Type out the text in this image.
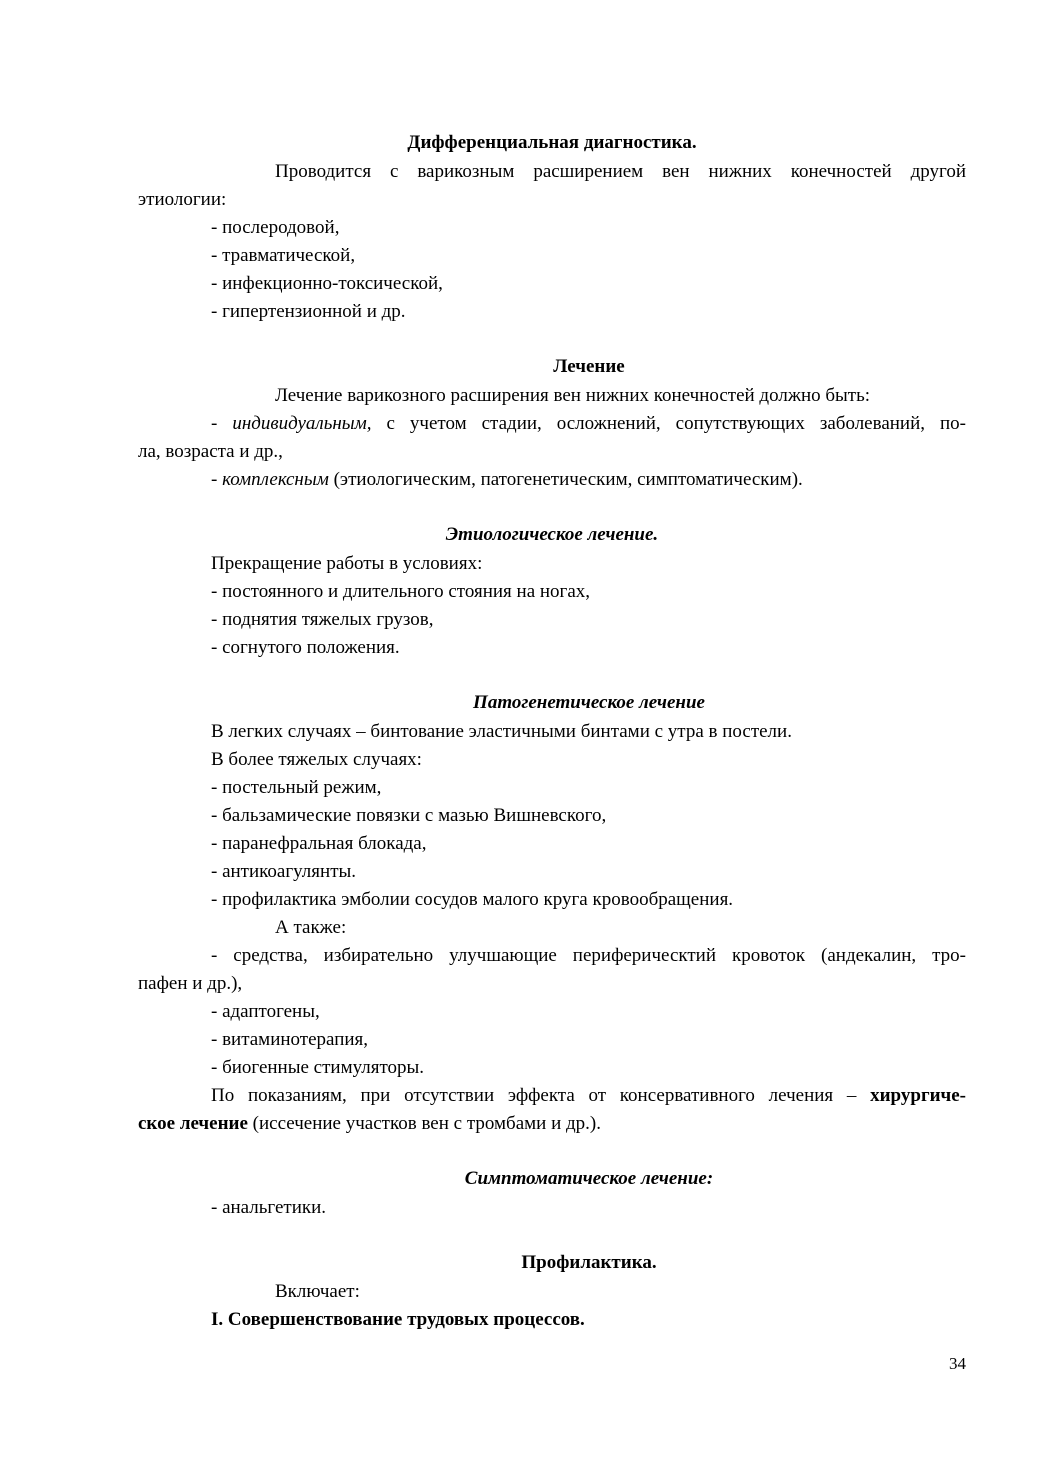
Дифференциальная диагностика.
Проводится с варикозным расширением вен нижних конечностей другой
этиологии:
- послеродовой,
- травматической,
- инфекционно-токсической,
- гипертензионной и др.
Лечение
Лечение варикозного расширения вен нижних конечностей должно быть:
- индивидуальным, с учетом стадии, осложнений, сопутствующих заболеваний, по-
ла, возраста и др.,
- комплексным (этиологическим, патогенетическим, симптоматическим).
Этиологическое лечение.
Прекращение работы в условиях:
- постоянного и длительного стояния на ногах,
- поднятия тяжелых грузов,
- согнутого положения.
Патогенетическое лечение
В легких случаях – бинтование эластичными бинтами с утра в постели.
В более тяжелых случаях:
- постельный режим,
- бальзамические повязки с мазью Вишневского,
- паранефральная блокада,
- антикоагулянты.
- профилактика эмболии сосудов малого круга кровообращения.
А также:
- средства, избирательно улучшающие периферическтий кровоток (андекалин, тро-
пафен и др.),
- адаптогены,
- витаминотерапия,
- биогенные стимуляторы.
По показаниям, при отсутствии эффекта от консервативного лечения – хирургиче-
ское лечение (иссечение участков вен с тромбами и др.).
Симптоматическое лечение:
- анальгетики.
Профилактика.
Включает:
I. Совершенствование трудовых процессов.
34
